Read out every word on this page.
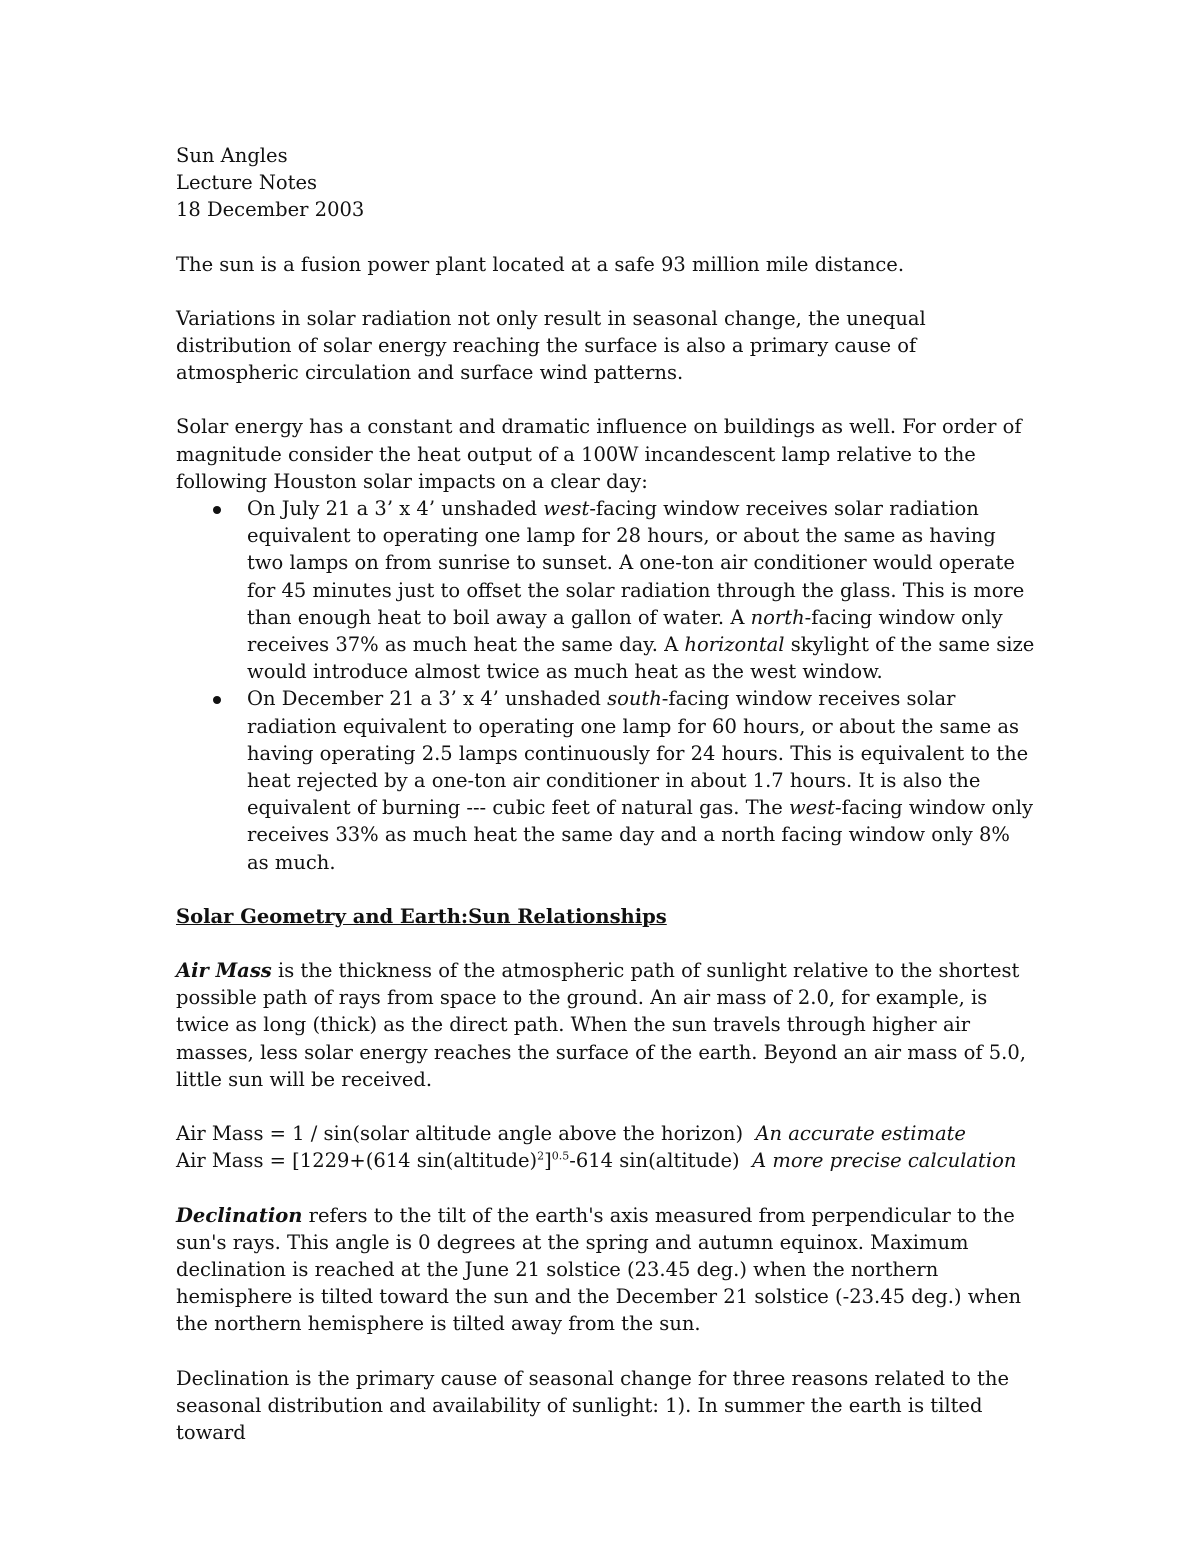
Sun Angles

Lecture Notes

18 December 2003

The sun is a fusion power plant located at a safe 93 million mile distance.

Variations in solar radiation not only result in seasonal change, the unequal distribution of solar energy reaching the surface is also a primary cause of atmospheric circulation and surface wind patterns.

Solar energy has a constant and dramatic influence on buildings as well. For order of magnitude consider the heat output of a 100W incandescent lamp relative to the following Houston solar impacts on a clear day:

On July 21 a 3’ x 4’ unshaded west-facing window receives solar radiation equivalent to operating one lamp for 28 hours, or about the same as having two lamps on from sunrise to sunset. A one-ton air conditioner would operate for 45 minutes just to offset the solar radiation through the glass. This is more than enough heat to boil away a gallon of water. A north-facing window only receives 37% as much heat the same day. A horizontal skylight of the same size would introduce almost twice as much heat as the west window.
On December 21 a 3’ x 4’ unshaded south-facing window receives solar radiation equivalent to operating one lamp for 60 hours, or about the same as having operating 2.5 lamps continuously for 24 hours. This is equivalent to the heat rejected by a one-ton air conditioner in about 1.7 hours. It is also the equivalent of burning --- cubic feet of natural gas. The west-facing window only receives 33% as much heat the same day and a north facing window only 8% as much.

Solar Geometry and Earth:Sun Relationships

Air Mass is the thickness of the atmospheric path of sunlight relative to the shortest possible path of rays from space to the ground. An air mass of 2.0, for example, is twice as long (thick) as the direct path. When the sun travels through higher air masses, less solar energy reaches the surface of the earth. Beyond an air mass of 5.0, little sun will be received.

Air Mass = 1 / sin(solar altitude angle above the horizon) An accurate estimate

Air Mass = [1229+(614 sin(altitude)$^2$]$^{0.5}$-614 sin(altitude) A more precise calculation

Declination refers to the tilt of the earth's axis measured from perpendicular to the sun's rays. This angle is 0 degrees at the spring and autumn equinox. Maximum declination is reached at the June 21 solstice (23.45 deg.) when the northern hemisphere is tilted toward the sun and the December 21 solstice (-23.45 deg.) when the northern hemisphere is tilted away from the sun.

Declination is the primary cause of seasonal change for three reasons related to the seasonal distribution and availability of sunlight: 1). In summer the earth is tilted toward
